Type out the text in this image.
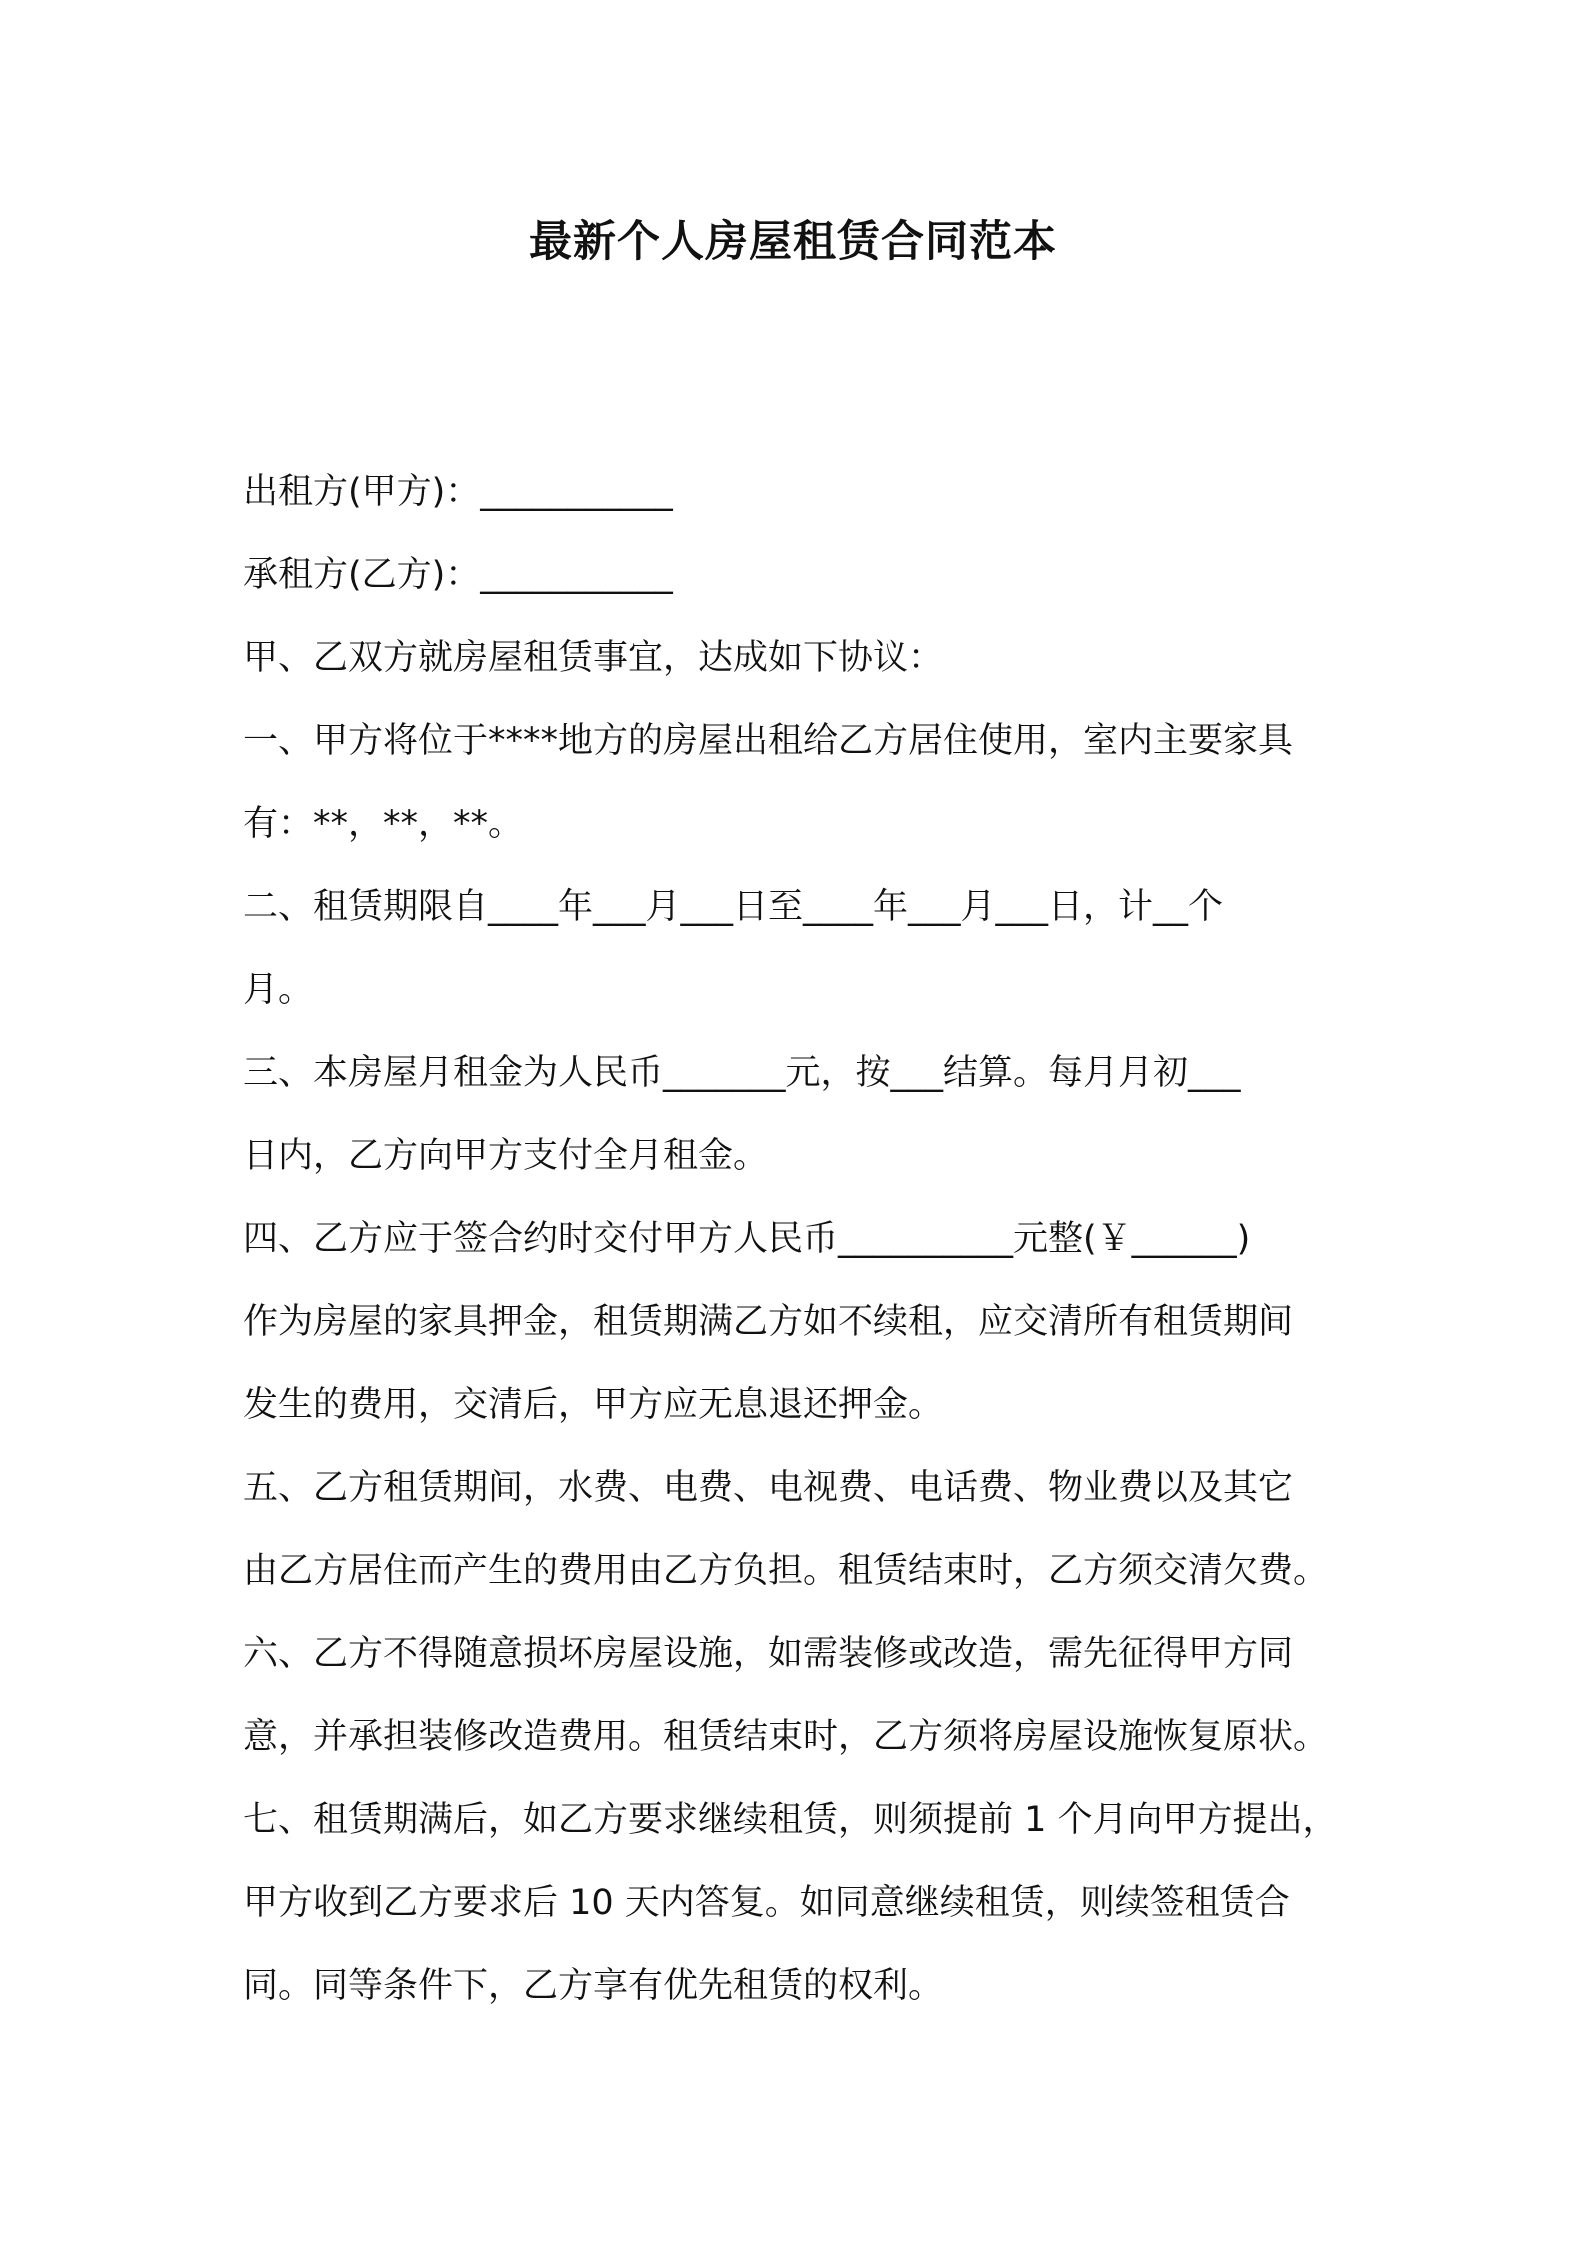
最新个人房屋租赁合同范本

出租方(甲方)：___________

承租方(乙方)：___________

甲、乙双方就房屋租赁事宜，达成如下协议：

一、甲方将位于****地方的房屋出租给乙方居住使用，室内主要家具

有：**，**，**。

二、租赁期限自____年___月___日至____年___月___日，计__个

月。

三、本房屋月租金为人民币_______元，按___结算。每月月初___

日内，乙方向甲方支付全月租金。

四、乙方应于签合约时交付甲方人民币__________元整(￥______)

作为房屋的家具押金，租赁期满乙方如不续租，应交清所有租赁期间

发生的费用，交清后，甲方应无息退还押金。

五、乙方租赁期间，水费、电费、电视费、电话费、物业费以及其它

由乙方居住而产生的费用由乙方负担。租赁结束时，乙方须交清欠费。

六、乙方不得随意损坏房屋设施，如需装修或改造，需先征得甲方同

意，并承担装修改造费用。租赁结束时，乙方须将房屋设施恢复原状。

七、租赁期满后，如乙方要求继续租赁，则须提前 1 个月向甲方提出，

甲方收到乙方要求后 10 天内答复。如同意继续租赁，则续签租赁合

同。同等条件下，乙方享有优先租赁的权利。
